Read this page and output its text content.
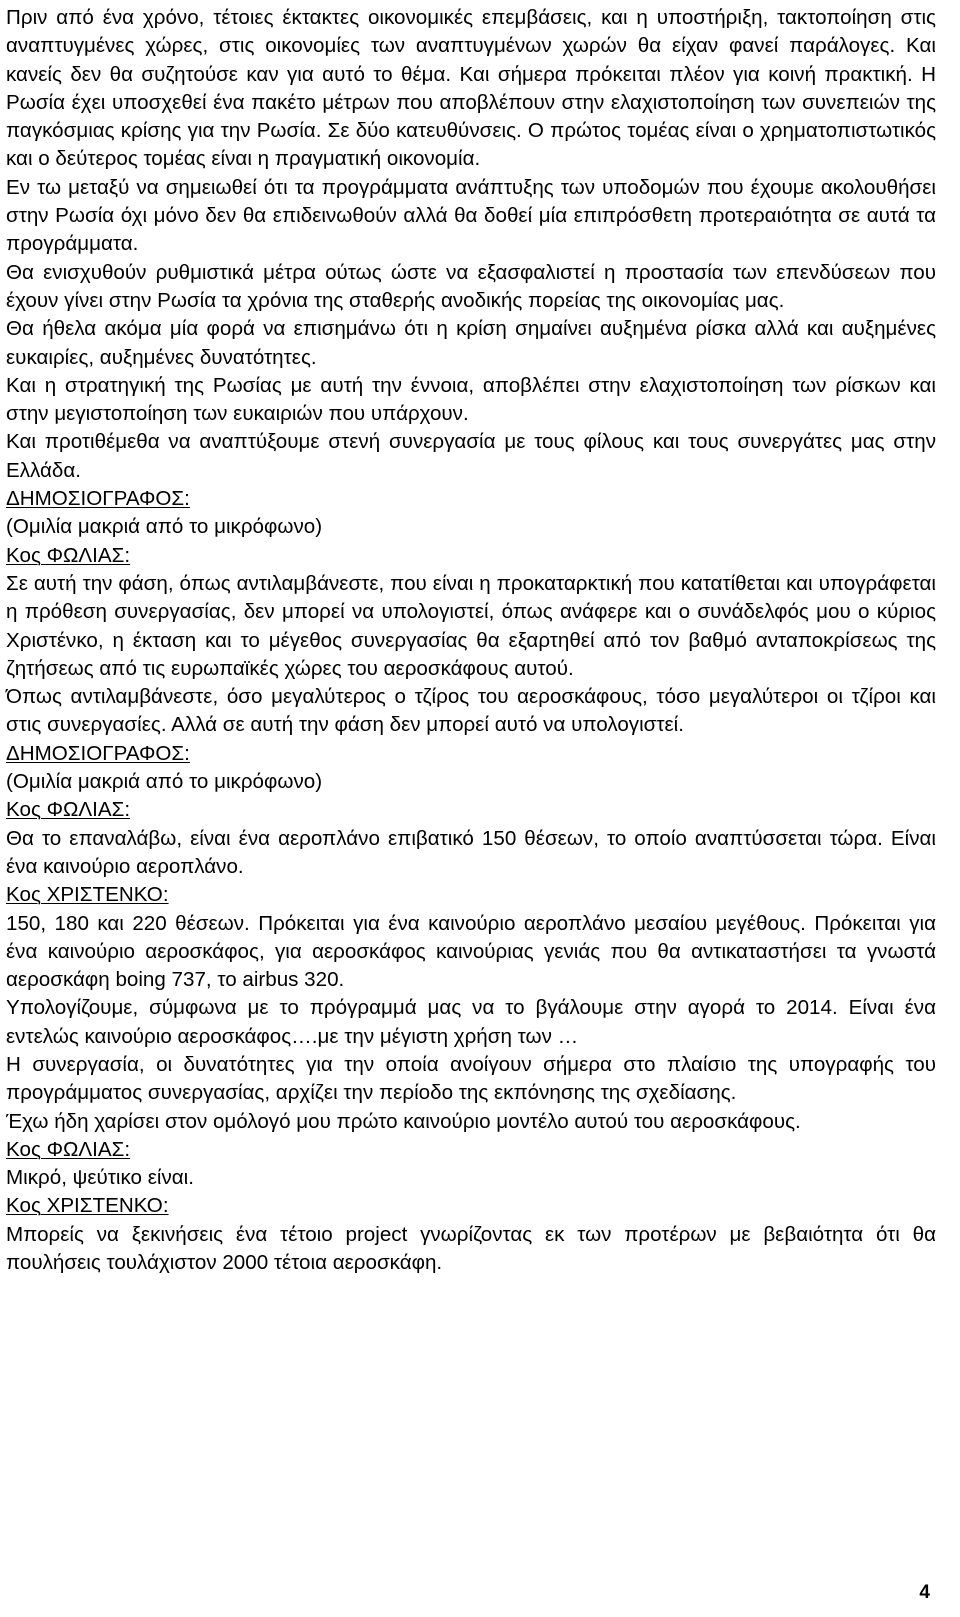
Πριν από ένα χρόνο, τέτοιες έκτακτες οικονομικές επεμβάσεις, και η υποστήριξη, τακτοποίηση στις αναπτυγμένες χώρες, στις οικονομίες των αναπτυγμένων χωρών θα είχαν φανεί παράλογες. Και κανείς δεν θα συζητούσε καν για αυτό το θέμα. Και σήμερα πρόκειται πλέον για κοινή πρακτική. Η Ρωσία έχει υποσχεθεί ένα πακέτο μέτρων που αποβλέπουν στην ελαχιστοποίηση των συνεπειών της παγκόσμιας κρίσης για την Ρωσία. Σε δύο κατευθύνσεις. Ο πρώτος τομέας είναι ο χρηματοπιστωτικός και ο δεύτερος τομέας είναι η πραγματική οικονομία.

Εν τω μεταξύ να σημειωθεί ότι τα προγράμματα ανάπτυξης των υποδομών που έχουμε ακολουθήσει στην Ρωσία όχι μόνο δεν θα επιδεινωθούν αλλά θα δοθεί μία επιπρόσθετη προτεραιότητα σε αυτά τα προγράμματα.

Θα ενισχυθούν ρυθμιστικά μέτρα ούτως ώστε να εξασφαλιστεί η προστασία των επενδύσεων που έχουν γίνει στην Ρωσία τα χρόνια της σταθερής ανοδικής πορείας της οικονομίας μας.

Θα ήθελα ακόμα μία φορά να επισημάνω ότι η κρίση σημαίνει αυξημένα ρίσκα αλλά και αυξημένες ευκαιρίες, αυξημένες δυνατότητες.

Και η στρατηγική της Ρωσίας με αυτή την έννοια, αποβλέπει στην ελαχιστοποίηση των ρίσκων και στην μεγιστοποίηση των ευκαιριών που υπάρχουν.

Και προτιθέμεθα να αναπτύξουμε στενή συνεργασία με τους φίλους και τους συνεργάτες μας στην Ελλάδα.

ΔΗΜΟΣΙΟΓΡΑΦΟΣ:

(Ομιλία μακριά από το μικρόφωνο)

Κος ΦΩΛΙΑΣ:

Σε αυτή την φάση, όπως αντιλαμβάνεστε, που είναι η προκαταρκτική που κατατίθεται και υπογράφεται η πρόθεση συνεργασίας, δεν μπορεί να υπολογιστεί, όπως ανάφερε και ο συνάδελφός μου ο κύριος Χριστένκο, η έκταση και το μέγεθος συνεργασίας θα εξαρτηθεί από τον βαθμό ανταποκρίσεως της ζητήσεως από τις ευρωπαϊκές χώρες του αεροσκάφους αυτού.

Όπως αντιλαμβάνεστε, όσο μεγαλύτερος ο τζίρος του αεροσκάφους, τόσο μεγαλύτεροι οι τζίροι και στις συνεργασίες. Αλλά σε αυτή την φάση δεν μπορεί αυτό να υπολογιστεί.

ΔΗΜΟΣΙΟΓΡΑΦΟΣ:

(Ομιλία μακριά από το μικρόφωνο)

Κος ΦΩΛΙΑΣ:

Θα το επαναλάβω, είναι ένα αεροπλάνο επιβατικό 150 θέσεων, το οποίο αναπτύσσεται τώρα. Είναι ένα καινούριο αεροπλάνο.

Κος ΧΡΙΣΤΕΝΚΟ:

150, 180 και 220 θέσεων. Πρόκειται για ένα καινούριο αεροπλάνο μεσαίου μεγέθους. Πρόκειται για ένα καινούριο αεροσκάφος, για αεροσκάφος καινούριας γενιάς που θα αντικαταστήσει τα γνωστά αεροσκάφη boing 737, το airbus 320.

Υπολογίζουμε, σύμφωνα με το πρόγραμμά μας να το βγάλουμε στην αγορά το 2014. Είναι ένα εντελώς καινούριο αεροσκάφος….με την μέγιστη χρήση των …

Η συνεργασία, οι δυνατότητες για την οποία ανοίγουν σήμερα στο πλαίσιο της υπογραφής του προγράμματος συνεργασίας, αρχίζει την περίοδο της εκπόνησης της σχεδίασης.

Έχω ήδη χαρίσει στον ομόλογό μου πρώτο καινούριο μοντέλο αυτού του αεροσκάφους.

Κος ΦΩΛΙΑΣ:

Μικρό, ψεύτικο είναι.

Κος ΧΡΙΣΤΕΝΚΟ:

Μπορείς να ξεκινήσεις ένα τέτοιο project γνωρίζοντας εκ των προτέρων με βεβαιότητα ότι θα πουλήσεις τουλάχιστον 2000 τέτοια αεροσκάφη.

4
